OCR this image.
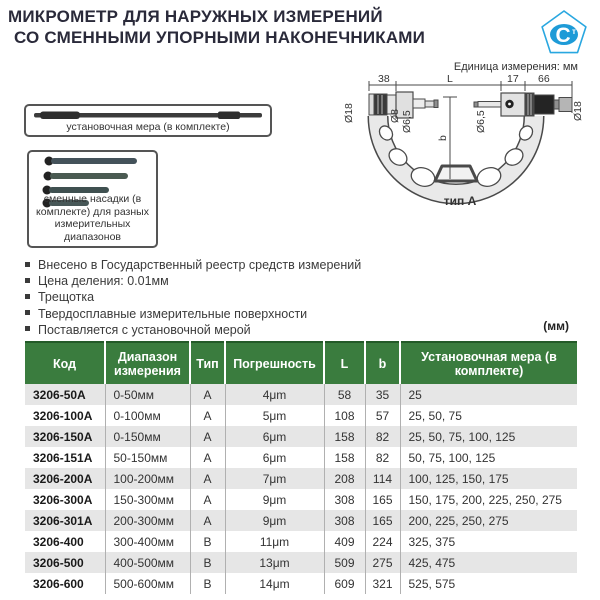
МИКРОМЕТР ДЛЯ НАРУЖНЫХ ИЗМЕРЕНИЙ
СО СМЕННЫМИ УПОРНЫМИ НАКОНЕЧНИКАМИ	C т
Единица измерения: мм
38	L	17 66
b
Ø18	Ø8 Ø6,5	Ø6,5	Ø18
тип А
установочная мера (в комплекте)
сменные насадки (в
комплекте) для разных
измерительных диапазонов
Внесено в Государственный реестр средств измерений
Цена деления: 0.01мм
Трещотка
Твердосплавные измерительные поверхности
Поставляется с установочной мерой	(мм)
Код	Диапазон измерения	Тип	Погрешность	L	b	Установочная мера (в комплекте)
3206-50A	0-50мм	A	4μm	58	35	25
3206-100A	0-100мм	A	5μm	108	57	25, 50, 75
3206-150A	0-150мм	A	6μm	158	82	25, 50, 75, 100, 125
3206-151A	50-150мм	A	6μm	158	82	50, 75, 100, 125
3206-200A	100-200мм	A	7μm	208	114	100, 125, 150, 175
3206-300A	150-300мм	A	9μm	308	165	150, 175, 200, 225, 250, 275
3206-301A	200-300мм	A	9μm	308	165	200, 225, 250, 275
3206-400	300-400мм	B	11μm	409	224	325, 375
3206-500	400-500мм	B	13μm	509	275	425, 475
3206-600	500-600мм	B	14μm	609	321	525, 575
